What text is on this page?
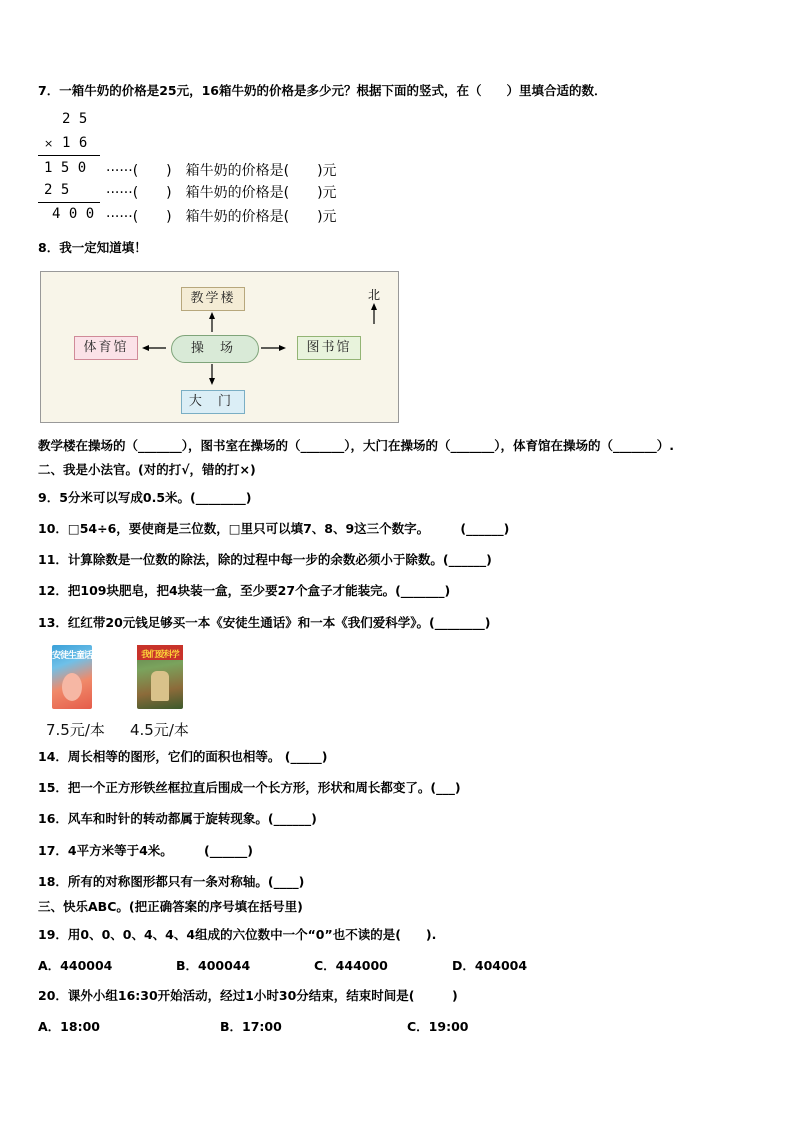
7．一箱牛奶的价格是25元，16箱牛奶的价格是多少元？根据下面的竖式，在（　　）里填合适的数．
2 5
× 1 6
1 5 0 ······(　　)　箱牛奶的价格是(　　)元
2 5	······(　　)　箱牛奶的价格是(　　)元
4 0 0 ······(　　)　箱牛奶的价格是(　　)元
8．我一定知道填！
教学楼
体育馆	操 场	图书馆
大 门
北
教学楼在操场的（_______），图书室在操场的（_______），大门在操场的（_______），体育馆在操场的（_______）.
二、我是小法官。(对的打√，错的打×)
9．5分米可以写成0.5米。(________)
10．□54÷6，要使商是三位数，□里只可以填7、8、9这三个数字。　　　(______)
11．计算除数是一位数的除法，除的过程中每一步的余数必须小于除数。(______)
12．把109块肥皂，把4块装一盒，至少要27个盒子才能装完。(_______)
13．红红带20元钱足够买一本《安徒生通话》和一本《我们爱科学》。(________)
安徒生童话	我们爱科学
7.5元/本 4.5元/本
14．周长相等的图形，它们的面积也相等。 (_____)
15．把一个正方形铁丝框拉直后围成一个长方形，形状和周长都变了。(___)
16．风车和时针的转动都属于旋转现象。(______)
17．4平方米等于4米。　　　(______)
18．所有的对称图形都只有一条对称轴。(____)
三、快乐ABC。(把正确答案的序号填在括号里)
19．用0、0、0、4、4、4组成的六位数中一个“0”也不读的是(　　).
A．440004	B．400044	C．444000	D．404004
20．课外小组16:30开始活动，经过1小时30分结束，结束时间是(　　　)
A．18:00	B．17:00	C．19:00
